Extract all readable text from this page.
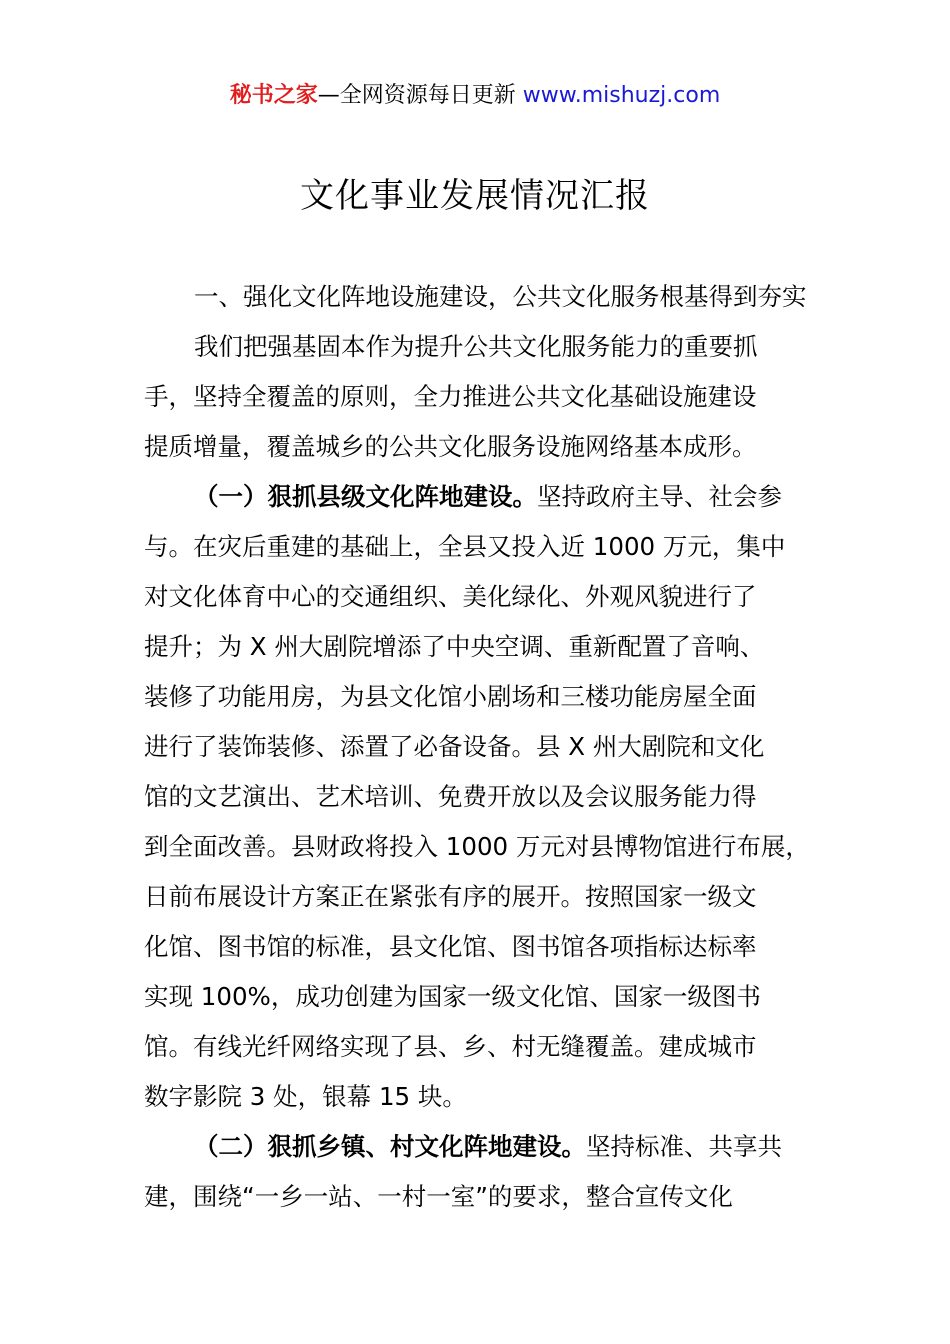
秘书之家—全网资源每日更新 www.mishuzj.com
文化事业发展情况汇报
一、强化文化阵地设施建设，公共文化服务根基得到夯实
我们把强基固本作为提升公共文化服务能力的重要抓
手，坚持全覆盖的原则，全力推进公共文化基础设施建设
提质增量，覆盖城乡的公共文化服务设施网络基本成形。
（一）狠抓县级文化阵地建设。坚持政府主导、社会参
与。在灾后重建的基础上，全县又投入近 1000 万元，集中
对文化体育中心的交通组织、美化绿化、外观风貌进行了
提升；为 X 州大剧院增添了中央空调、重新配置了音响、
装修了功能用房，为县文化馆小剧场和三楼功能房屋全面
进行了装饰装修、添置了必备设备。县 X 州大剧院和文化
馆的文艺演出、艺术培训、免费开放以及会议服务能力得
到全面改善。县财政将投入 1000 万元对县博物馆进行布展，
日前布展设计方案正在紧张有序的展开。按照国家一级文
化馆、图书馆的标准，县文化馆、图书馆各项指标达标率
实现 100%，成功创建为国家一级文化馆、国家一级图书
馆。有线光纤网络实现了县、乡、村无缝覆盖。建成城市
数字影院 3 处，银幕 15 块。
（二）狠抓乡镇、村文化阵地建设。坚持标准、共享共
建，围绕“一乡一站、一村一室”的要求，整合宣传文化
